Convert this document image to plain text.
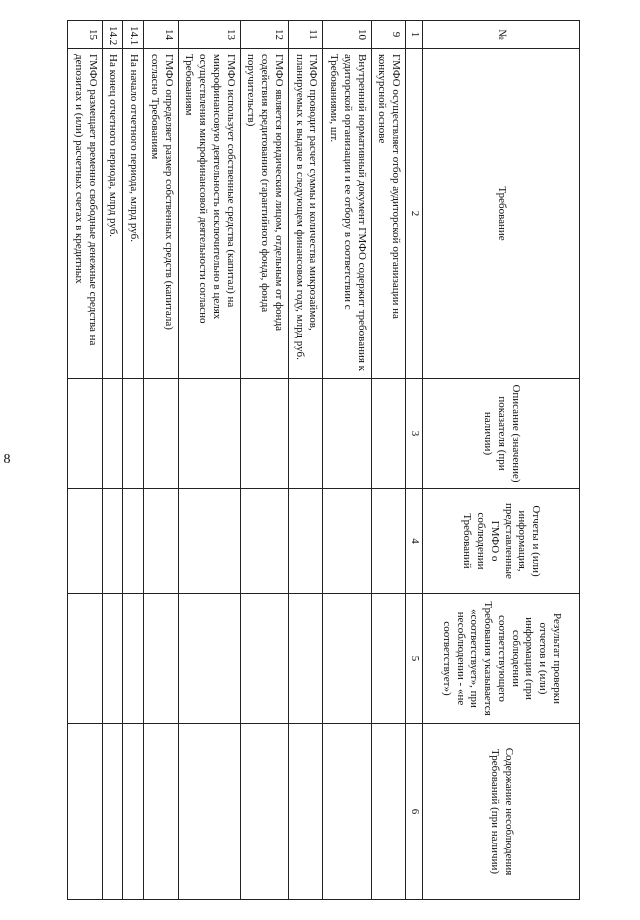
8
№	Требование	Описание (значение) показателя (при наличии)	Отчеты и (или) информация, представленные ГМФО о соблюдении Требований	Результат проверки отчетов и (или) информации (при соблюдении соответствующего Требования указывается «соответствует», при несоблюдении - «не соответствует»)	Содержание несоблюдения Требований (при наличии)
1	2	3	4	5	6
9	ГМФО осуществляет отбор аудиторской организации на конкурсной основе				
10	Внутренний нормативный документ ГМФО содержит требования к аудиторской организации и ее отбору в соответствии с Требованиями, шт.				
11	ГМФО проводит расчет суммы и количества микрозаймов, планируемых к выдаче в следующем финансовом году, млрд руб.				
12	ГМФО является юридическим лицом, отдельным от фонда содействия кредитованию (гарантийного фонда, фонда поручительств)				
13	ГМФО использует собственные средства (капитал) на микрофинансовую деятельность исключительно в целях осуществления микрофинансовой деятельности согласно Требованиям				
14	ГМФО определяет размер собственных средств (капитала) согласно Требованиям				
14.1	На начало отчетного периода, млрд руб.				
14.2	На конец отчетного периода, млрд руб.				
15	ГМФО размещает временно свободные денежные средства на депозитах и (или) расчетных счетах в кредитных				
